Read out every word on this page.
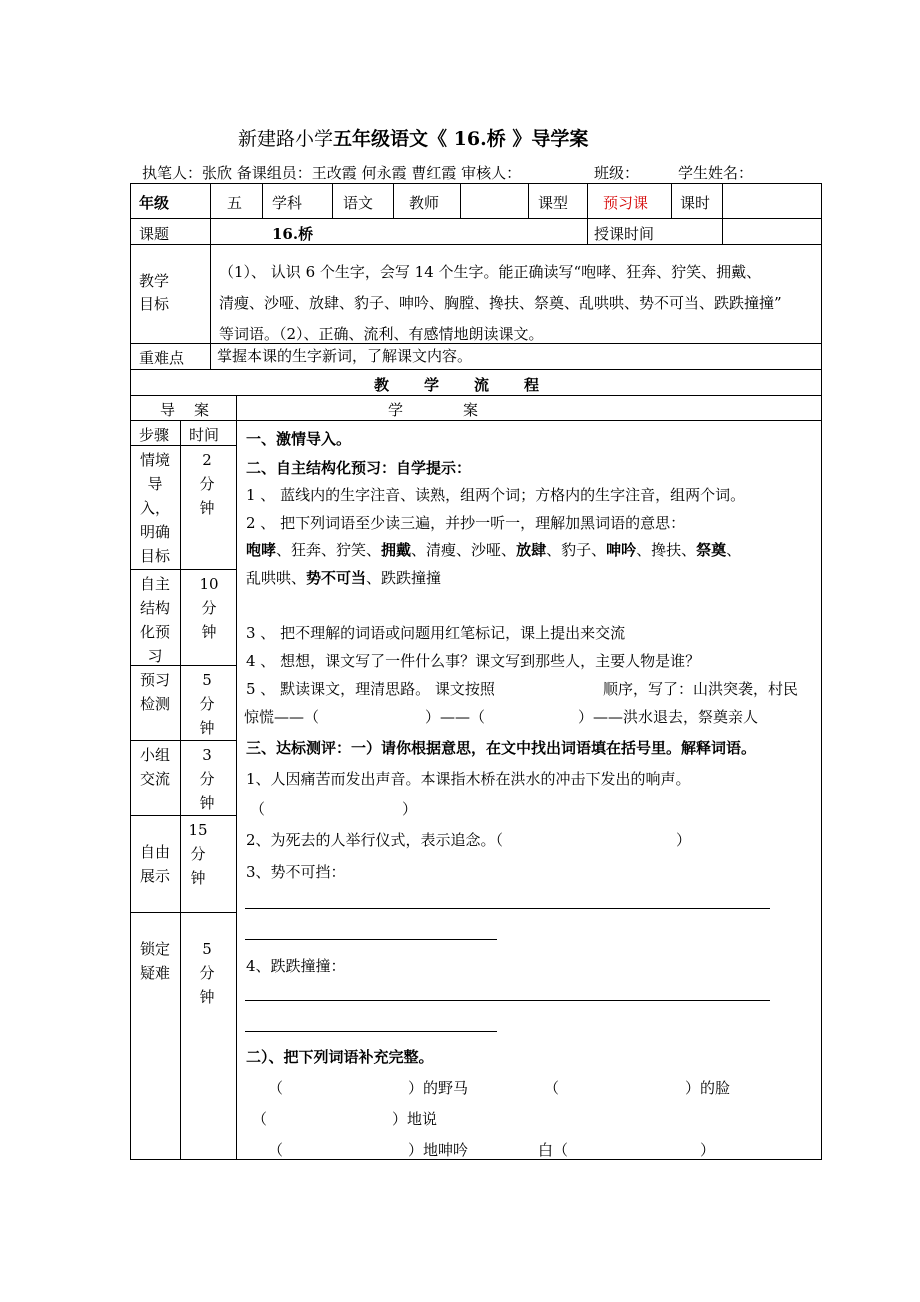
新建路小学五年级语文《 16.桥 》导学案
执笔人：张欣 备课组员：王改霞 何永霞 曹红霞 审核人：	班级：	学生姓名：
年级	五 学科	语文 教师	课型 预习课 课时
课题	16.桥	授课时间
教学目标
（1）、 认识 6 个生字，会写 14 个生字。能正确读写“咆哮、狂奔、狞笑、拥戴、
清瘦、沙哑、放肆、豹子、呻吟、胸膛、搀扶、祭奠、乱哄哄、势不可当、跌跌撞撞”
等词语。（2）、正确、流利、有感情地朗读课文。
重难点 掌握本课的生字新词，了解课文内容。
教　学　流　程
导　案	学　　　　案
步骤 时间
情境导入，明确目标
2分钟
自主结构化预习
10分钟
预习检测
5分钟
小组交流
3分钟
自由展示
15分钟
锁定疑难
5分钟
一、激情导入。
二、自主结构化预习：自学提示：
1 、 蓝线内的生字注音、读熟，组两个词；方格内的生字注音，组两个词。
2 、 把下列词语至少读三遍，并抄一听一，理解加黑词语的意思：
咆哮、狂奔、狞笑、拥戴、清瘦、沙哑、放肆、豹子、呻吟、搀扶、祭奠、
乱哄哄、势不可当、跌跌撞撞
3 、 把不理解的词语或问题用红笔标记，课上提出来交流
4 、 想想，课文写了一件什么事？课文写到那些人，主要人物是谁？
5 、 默读课文，理清思路。 课文按照	顺序，写了：山洪突袭，村民
惊慌——（	）——（	）——洪水退去，祭奠亲人
三、达标测评：一）请你根据意思，在文中找出词语填在括号里。解释词语。
1、人因痛苦而发出声音。本课指木桥在洪水的冲击下发出的响声。
（	）
2、为死去的人举行仪式，表示追念。（	）
3、势不可挡：
4、跌跌撞撞：
二）、把下列词语补充完整。
（	）的野马	（	）的脸
（	）地说
（	）地呻吟	白（	）
